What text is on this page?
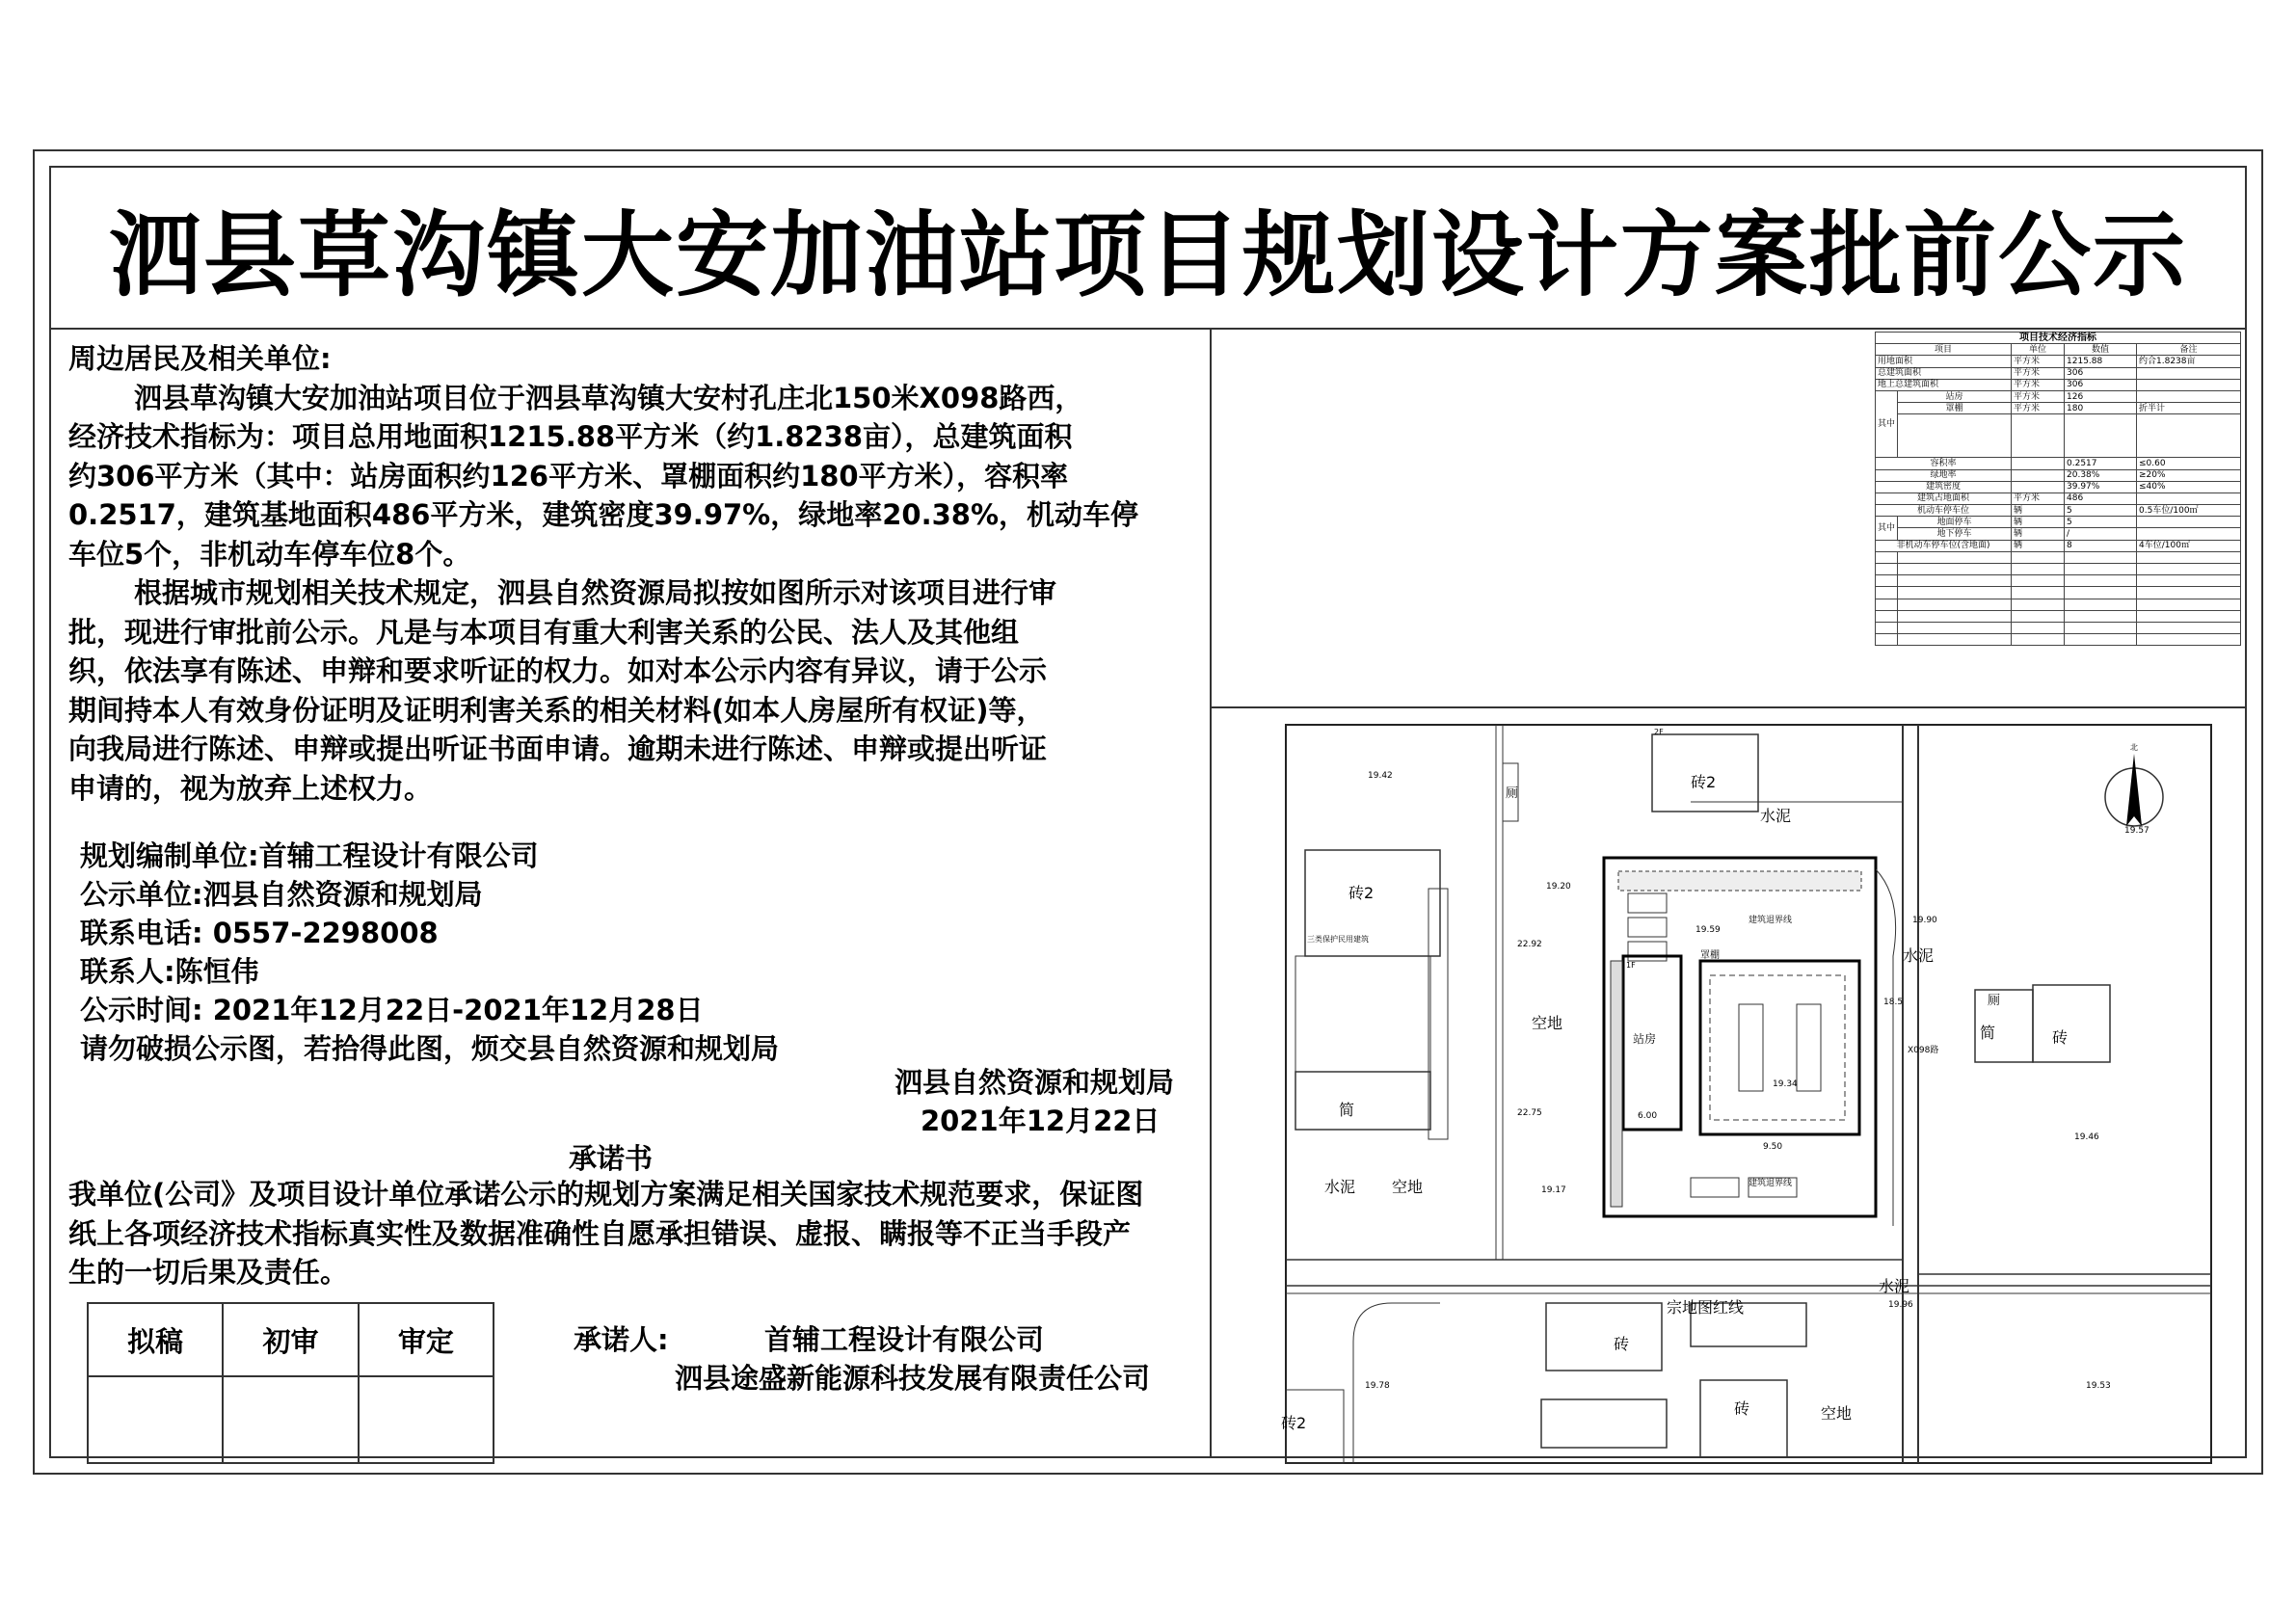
泗县草沟镇大安加油站项目规划设计方案批前公示

周边居民及相关单位:

泗县草沟镇大安加油站项目位于泗县草沟镇大安村孔庄北150米X098路西，

经济技术指标为：项目总用地面积1215.88平方米（约1.8238亩），总建筑面积

约306平方米（其中：站房面积约126平方米、罩棚面积约180平方米），容积率

0.2517，建筑基地面积486平方米，建筑密度39.97%，绿地率20.38%，机动车停

车位5个，非机动车停车位8个。

根据城市规划相关技术规定，泗县自然资源局拟按如图所示对该项目进行审

批，现进行审批前公示。凡是与本项目有重大利害关系的公民、法人及其他组

织，依法享有陈述、申辩和要求听证的权力。如对本公示内容有异议，请于公示

期间持本人有效身份证明及证明利害关系的相关材料(如本人房屋所有权证)等，

向我局进行陈述、申辩或提出听证书面申请。逾期未进行陈述、申辩或提出听证

申请的，视为放弃上述权力。

规划编制单位:首辅工程设计有限公司
公示单位:泗县自然资源和规划局
联系电话: 0557-2298008
联系人:陈恒伟
公示时间: 2021年12月22日-2021年12月28日
请勿破损公示图，若拾得此图，烦交县自然资源和规划局
泗县自然资源和规划局
2021年12月22日
承诺书

我单位(公司》及项目设计单位承诺公示的规划方案满足相关国家技术规范要求，保证图

纸上各项经济技术指标真实性及数据准确性自愿承担错误、虚报、瞒报等不正当手段产

生的一切后果及责任。

承诺人:	首辅工程设计有限公司
泗县途盛新能源科技发展有限责任公司
拟稿	初审	审定

项目技术经济指标				
项目		单位	数值	备注
用地面积		平方米	1215.88	约合1.8238亩
总建筑面积		平方米	306	
地上总建筑面积		平方米	306	
其中	站房	平方米	126	
	罩棚	平方米	180	折半计

容积率			0.2517	≤0.60
绿地率			20.38%	≥20%
建筑密度			39.97%	≤40%
建筑占地面积		平方米	486	
机动车停车位		辆	5	0.5车位/100㎡
其中	地面停车	辆	5	
	地下停车	辆	/	
非机动车停车位(含地面)		辆	8	4车位/100㎡

砖2
简
砖2
砖2
厕
简
厕
砖
砖
砖
水泥
水泥
水泥
水泥
空地
空地
空地
宗地图红线
站房
罩棚
建筑退界线
建筑退界线
X098路
三类保护民用建筑
北
1F
2F
19.42
19.20
19.59
19.90
19.57
19.34
19.17
19.46
19.96
19.78	19.53
22.92
22.75	6.00
18.5
9.50
